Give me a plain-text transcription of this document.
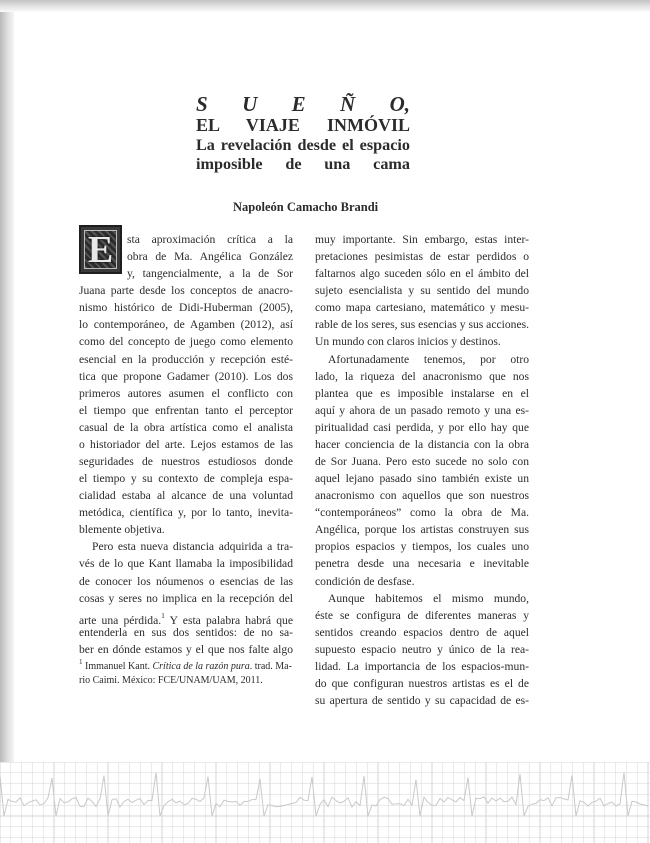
S U E Ñ O,
EL VIAJE INMÓVIL
La revelación desde el espacio
imposible de una cama
Napoleón Camacho Brandi
E	sta aproximación crítica a la
obra de Ma. Angélica González
y, tangencialmente, a la de Sor
Juana parte desde los conceptos de anacro-
nismo histórico de Didi-Huberman (2005),
lo contemporáneo, de Agamben (2012), así
como del concepto de juego como elemento
esencial en la producción y recepción esté-
tica que propone Gadamer (2010). Los dos
primeros autores asumen el conflicto con
el tiempo que enfrentan tanto el perceptor
casual de la obra artística como el analista
o historiador del arte. Lejos estamos de las
seguridades de nuestros estudiosos donde
el tiempo y su contexto de compleja espa-
cialidad estaba al alcance de una voluntad
metódica, científica y, por lo tanto, inevita-
blemente objetiva.
Pero esta nueva distancia adquirida a tra-
vés de lo que Kant llamaba la imposibilidad
de conocer los nóumenos o esencias de las
cosas y seres no implica en la recepción del
arte una pérdida.$^1$ Y esta palabra habrá que
entenderla en sus dos sentidos: de no sa-
ber en dónde estamos y el que nos falte algo
$^1$ Immanuel Kant. Crítica de la razón pura. trad. Ma-
rio Caimi. México: FCE/UNAM/UAM, 2011.
muy importante. Sin embargo, estas inter-
pretaciones pesimistas de estar perdidos o
faltarnos algo suceden sólo en el ámbito del
sujeto esencialista y su sentido del mundo
como mapa cartesiano, matemático y mesu-
rable de los seres, sus esencias y sus acciones.
Un mundo con claros inicios y destinos.
Afortunadamente tenemos, por otro
lado, la riqueza del anacronismo que nos
plantea que es imposible instalarse en el
aquí y ahora de un pasado remoto y una es-
piritualidad casi perdida, y por ello hay que
hacer conciencia de la distancia con la obra
de Sor Juana. Pero esto sucede no solo con
aquel lejano pasado sino también existe un
anacronismo con aquellos que son nuestros
“contemporáneos” como la obra de Ma.
Angélica, porque los artistas construyen sus
propios espacios y tiempos, los cuales uno
penetra desde una necesaria e inevitable
condición de desfase.
Aunque habitemos el mismo mundo,
éste se configura de diferentes maneras y
sentidos creando espacios dentro de aquel
supuesto espacio neutro y único de la rea-
lidad. La importancia de los espacios-mun-
do que configuran nuestros artistas es el de
su apertura de sentido y su capacidad de es-
